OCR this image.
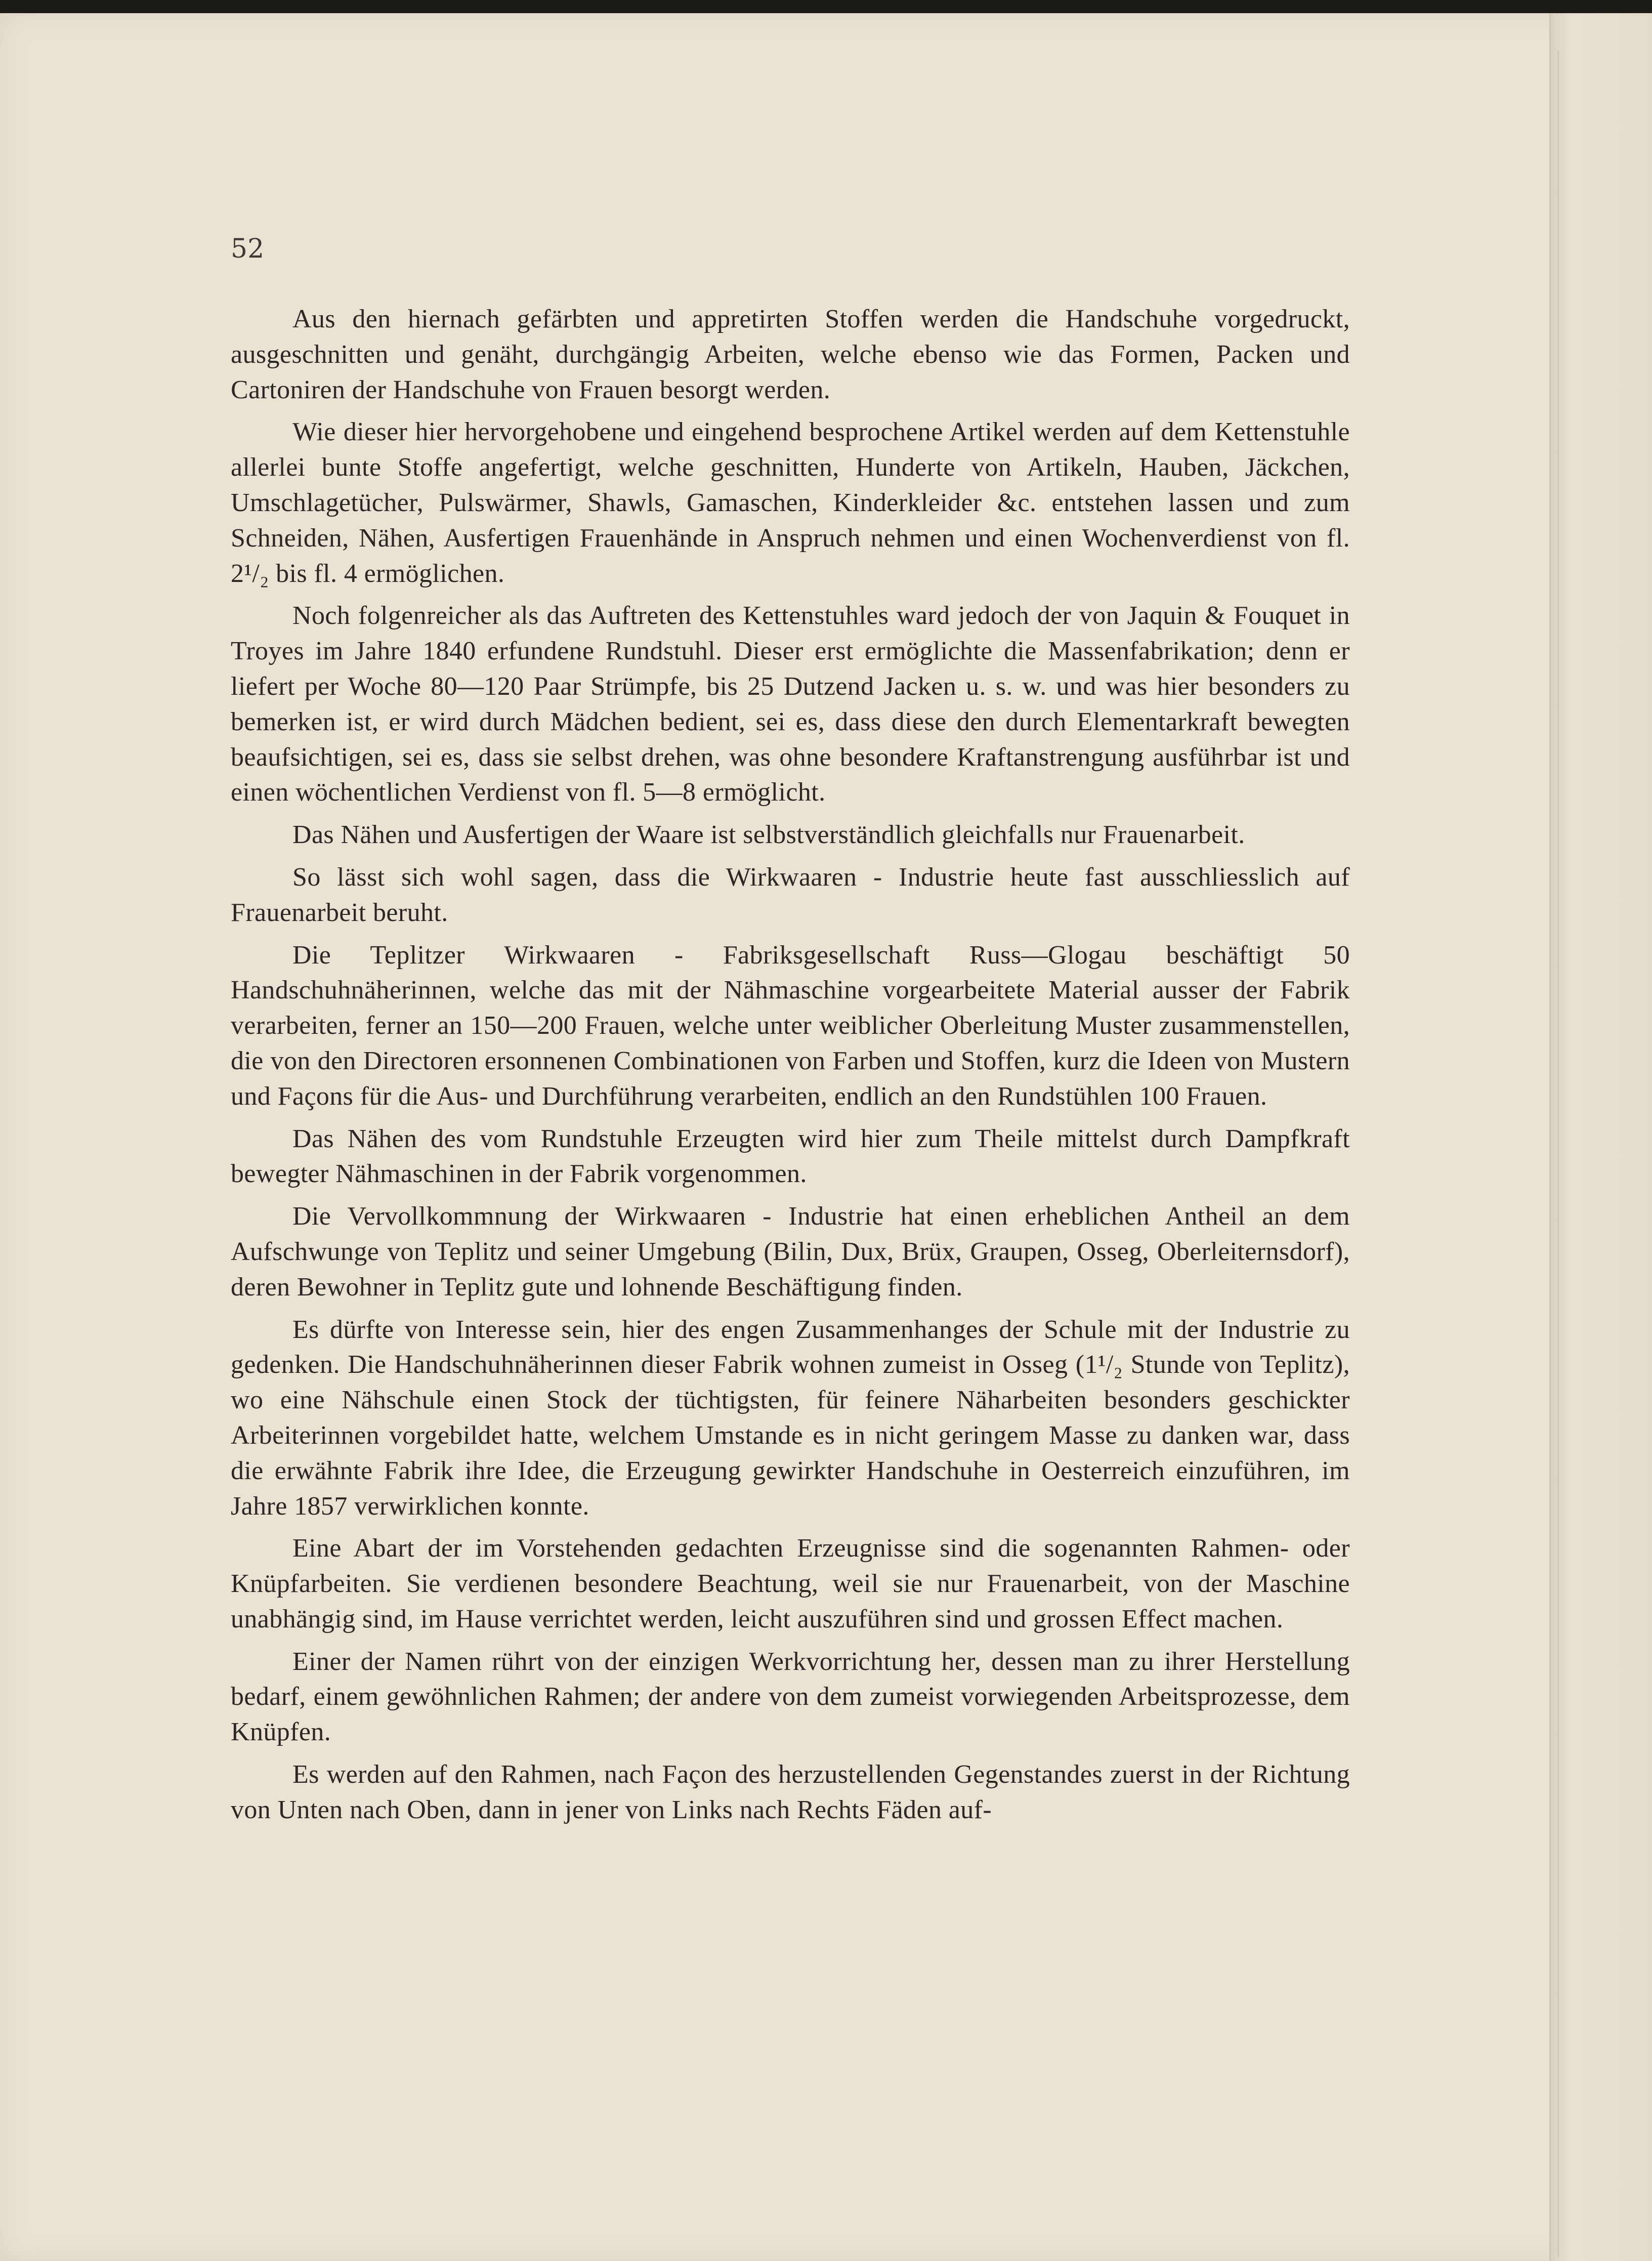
52

Aus den hiernach gefärbten und appretirten Stoffen werden die Handschuhe vorgedruckt, ausgeschnitten und genäht, durchgängig Arbeiten, welche ebenso wie das Formen, Packen und Cartoniren der Handschuhe von Frauen besorgt werden.

Wie dieser hier hervorgehobene und eingehend besprochene Artikel werden auf dem Kettenstuhle allerlei bunte Stoffe angefertigt, welche geschnitten, Hunderte von Artikeln, Hauben, Jäckchen, Umschlagetücher, Pulswärmer, Shawls, Gamaschen, Kinderkleider &c. entstehen lassen und zum Schneiden, Nähen, Ausfertigen Frauenhände in Anspruch nehmen und einen Wochenverdienst von fl. 2¹/₂ bis fl. 4 ermöglichen.

Noch folgenreicher als das Auftreten des Kettenstuhles ward jedoch der von Jaquin & Fouquet in Troyes im Jahre 1840 erfundene Rundstuhl. Dieser erst ermöglichte die Massenfabrikation; denn er liefert per Woche 80—120 Paar Strümpfe, bis 25 Dutzend Jacken u. s. w. und was hier besonders zu bemerken ist, er wird durch Mädchen bedient, sei es, dass diese den durch Elementarkraft bewegten beaufsichtigen, sei es, dass sie selbst drehen, was ohne besondere Kraftanstrengung ausführbar ist und einen wöchentlichen Verdienst von fl. 5—8 ermöglicht.

Das Nähen und Ausfertigen der Waare ist selbstverständlich gleichfalls nur Frauenarbeit.

So lässt sich wohl sagen, dass die Wirkwaaren - Industrie heute fast ausschliesslich auf Frauenarbeit beruht.

Die Teplitzer Wirkwaaren - Fabriksgesellschaft Russ—Glogau beschäftigt 50 Handschuhnäherinnen, welche das mit der Nähmaschine vorgearbeitete Material ausser der Fabrik verarbeiten, ferner an 150—200 Frauen, welche unter weiblicher Oberleitung Muster zusammenstellen, die von den Directoren ersonnenen Combinationen von Farben und Stoffen, kurz die Ideen von Mustern und Façons für die Aus- und Durchführung verarbeiten, endlich an den Rundstühlen 100 Frauen.

Das Nähen des vom Rundstuhle Erzeugten wird hier zum Theile mittelst durch Dampfkraft bewegter Nähmaschinen in der Fabrik vorgenommen.

Die Vervollkommnung der Wirkwaaren - Industrie hat einen erheblichen Antheil an dem Aufschwunge von Teplitz und seiner Umgebung (Bilin, Dux, Brüx, Graupen, Osseg, Oberleiternsdorf), deren Bewohner in Teplitz gute und lohnende Beschäftigung finden.

Es dürfte von Interesse sein, hier des engen Zusammenhanges der Schule mit der Industrie zu gedenken. Die Handschuhnäherinnen dieser Fabrik wohnen zumeist in Osseg (1¹/₂ Stunde von Teplitz), wo eine Nähschule einen Stock der tüchtigsten, für feinere Näharbeiten besonders geschickter Arbeiterinnen vorgebildet hatte, welchem Umstande es in nicht geringem Masse zu danken war, dass die erwähnte Fabrik ihre Idee, die Erzeugung gewirkter Handschuhe in Oesterreich einzuführen, im Jahre 1857 verwirklichen konnte.

Eine Abart der im Vorstehenden gedachten Erzeugnisse sind die sogenannten Rahmen- oder Knüpfarbeiten. Sie verdienen besondere Beachtung, weil sie nur Frauenarbeit, von der Maschine unabhängig sind, im Hause verrichtet werden, leicht auszuführen sind und grossen Effect machen.

Einer der Namen rührt von der einzigen Werkvorrichtung her, dessen man zu ihrer Herstellung bedarf, einem gewöhnlichen Rahmen; der andere von dem zumeist vorwiegenden Arbeitsprozesse, dem Knüpfen.

Es werden auf den Rahmen, nach Façon des herzustellenden Gegenstandes zuerst in der Richtung von Unten nach Oben, dann in jener von Links nach Rechts Fäden auf-
